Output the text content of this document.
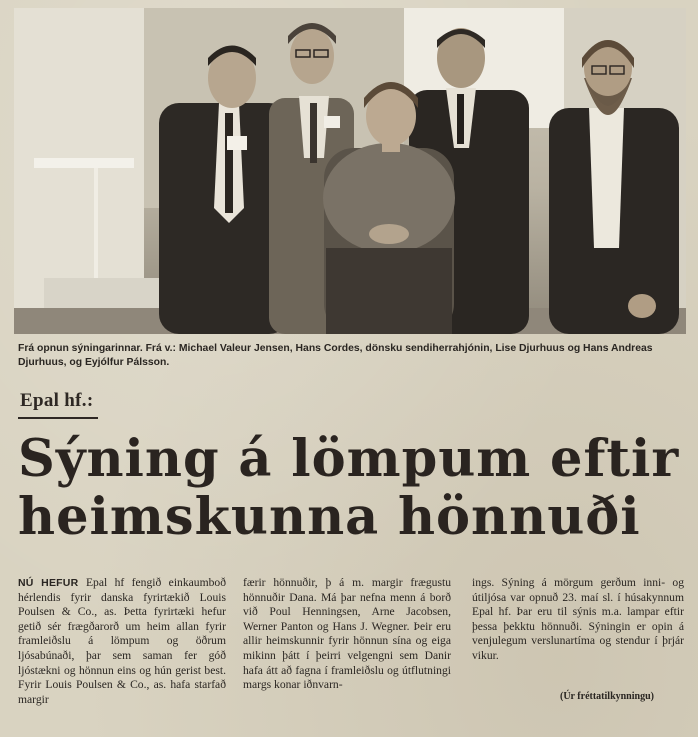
Frá opnun sýningarinnar. Frá v.: Michael Valeur Jensen, Hans Cordes, dönsku sendiherrahjónin, Lise Djurhuus og Hans Andreas Djurhuus, og Eyjólfur Pálsson.
Epal hf.:
Sýning á lömpum eftir
heimskunna hönnuði
NÚ HEFUR Epal hf fengið einkaumboð hérlendis fyrir danska fyrirtækið Louis Poulsen & Co., as. Þetta fyrirtæki hefur getið sér frægðarorð um heim allan fyrir framleiðslu á lömpum og öðrum ljósabúnaði, þar sem saman fer góð ljóstækni og hönnun eins og hún gerist best. Fyrir Louis Poulsen & Co., as. hafa starfað margir
færir hönnuðir, þ á m. margir frægustu hönnuðir Dana. Má þar nefna menn á borð við Poul Henningsen, Arne Jacobsen, Werner Panton og Hans J. Wegner. Þeir eru allir heimskunnir fyrir hönnun sína og eiga mikinn þátt í þeirri velgengni sem Danir hafa átt að fagna í framleiðslu og útflutningi margs konar iðnvarn-
ings. Sýning á mörgum gerðum inni- og útiljósa var opnuð 23. maí sl. í húsakynnum Epal hf. Þar eru til sýnis m.a. lampar eftir þessa þekktu hönnuði. Sýningin er opin á venjulegum verslunartíma og stendur í þrjár vikur.
(Úr fréttatilkynningu)
